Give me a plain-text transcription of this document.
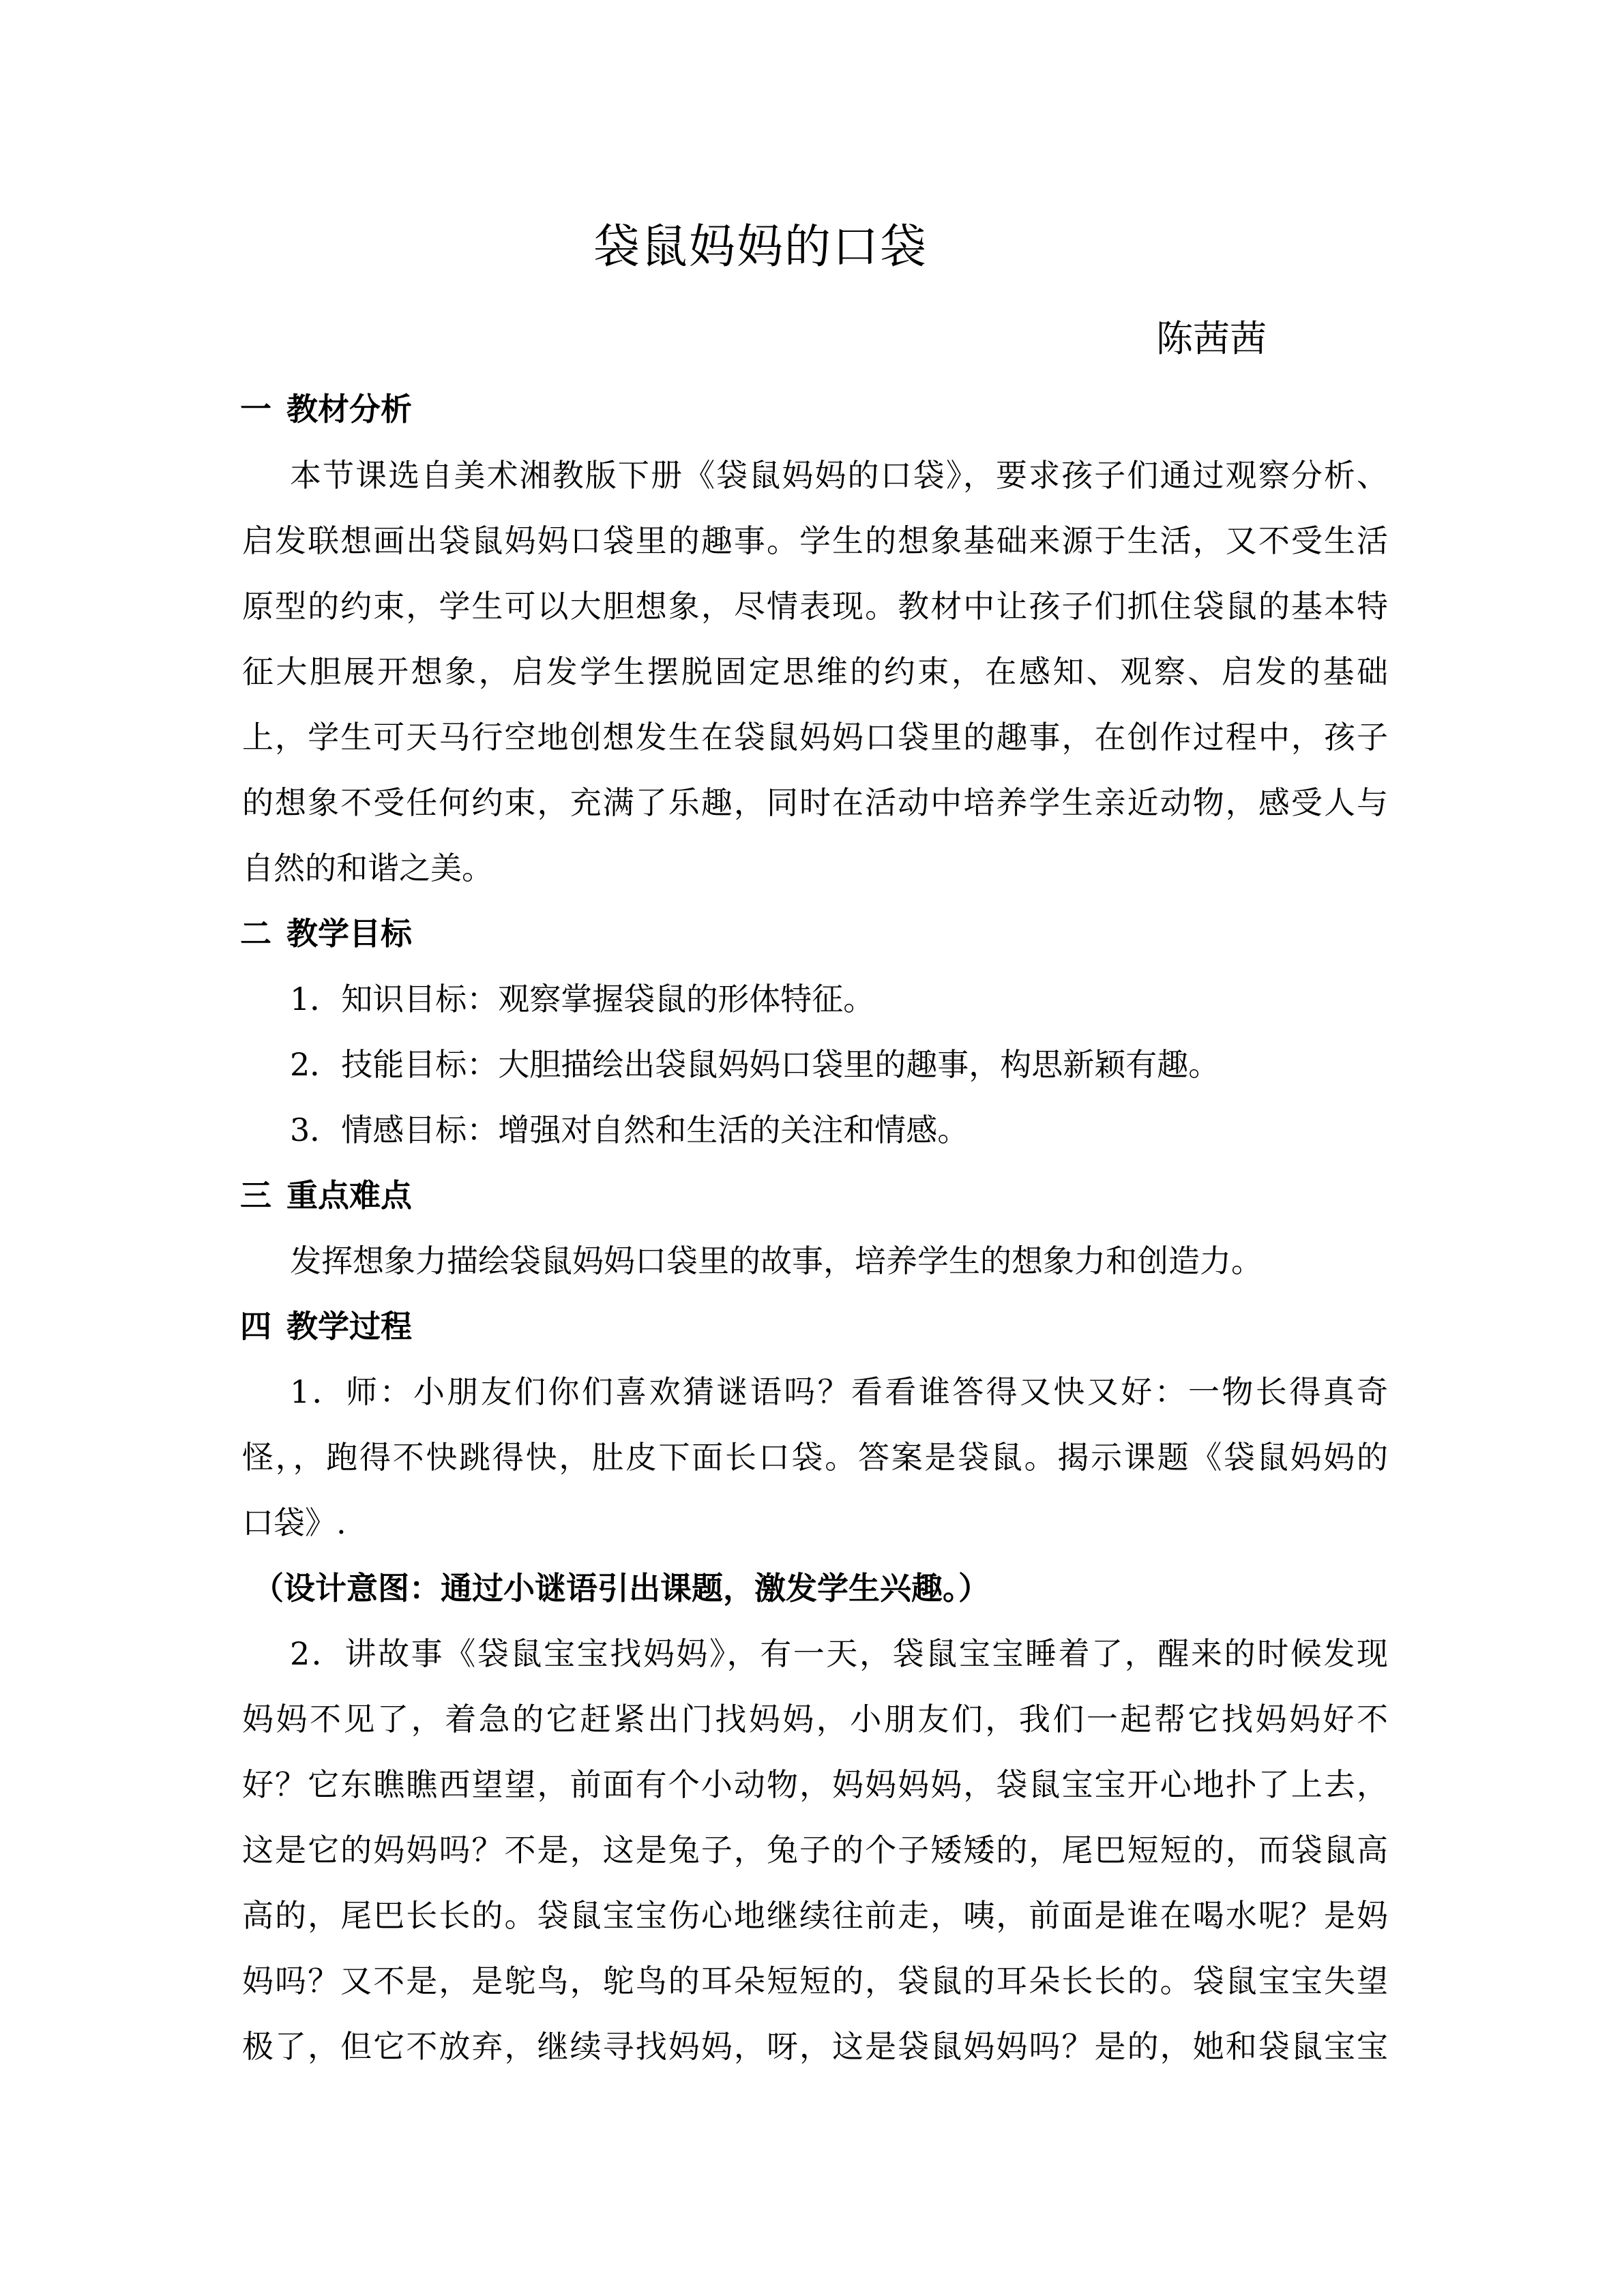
袋鼠妈妈的口袋
陈茜茜
一 教材分析
本节课选自美术湘教版下册《袋鼠妈妈的口袋》，要求孩子们通过观察分析、
启发联想画出袋鼠妈妈口袋里的趣事。学生的想象基础来源于生活，又不受生活
原型的约束，学生可以大胆想象，尽情表现。教材中让孩子们抓住袋鼠的基本特
征大胆展开想象，启发学生摆脱固定思维的约束，在感知、观察、启发的基础
上，学生可天马行空地创想发生在袋鼠妈妈口袋里的趣事，在创作过程中，孩子
的想象不受任何约束，充满了乐趣，同时在活动中培养学生亲近动物，感受人与
自然的和谐之美。
二 教学目标
1．知识目标：观察掌握袋鼠的形体特征。
2．技能目标：大胆描绘出袋鼠妈妈口袋里的趣事，构思新颖有趣。
3．情感目标：增强对自然和生活的关注和情感。
三 重点难点
发挥想象力描绘袋鼠妈妈口袋里的故事，培养学生的想象力和创造力。
四 教学过程
1．师：小朋友们你们喜欢猜谜语吗？看看谁答得又快又好：一物长得真奇
怪，，跑得不快跳得快，肚皮下面长口袋。答案是袋鼠。揭示课题《袋鼠妈妈的
口袋》.
（设计意图：通过小谜语引出课题，激发学生兴趣。）
2．讲故事《袋鼠宝宝找妈妈》，有一天，袋鼠宝宝睡着了，醒来的时候发现
妈妈不见了，着急的它赶紧出门找妈妈，小朋友们，我们一起帮它找妈妈好不
好？它东瞧瞧西望望，前面有个小动物，妈妈妈妈，袋鼠宝宝开心地扑了上去，
这是它的妈妈吗？不是，这是兔子，兔子的个子矮矮的，尾巴短短的，而袋鼠高
高的，尾巴长长的。袋鼠宝宝伤心地继续往前走，咦，前面是谁在喝水呢？是妈
妈吗？又不是，是鸵鸟，鸵鸟的耳朵短短的，袋鼠的耳朵长长的。袋鼠宝宝失望
极了，但它不放弃，继续寻找妈妈，呀，这是袋鼠妈妈吗？是的，她和袋鼠宝宝
